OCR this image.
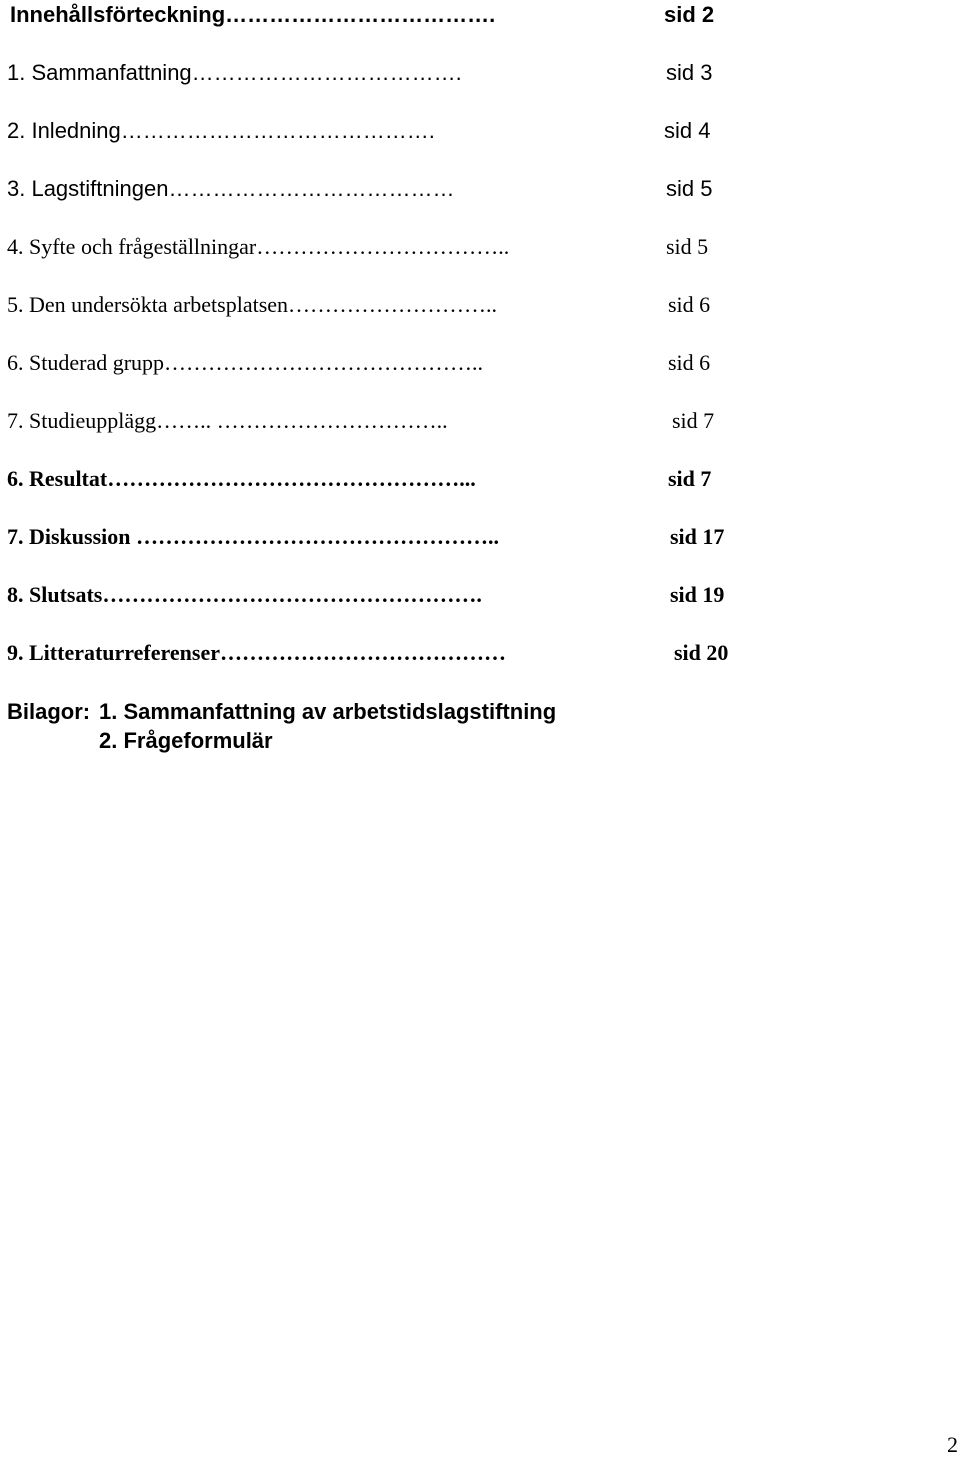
Innehållsförteckning……………………………….	sid 2
1. Sammanfattning……………………………….	sid 3
2. Inledning…………………………………….	sid 4
3. Lagstiftningen…………………………………	sid 5
4. Syfte och frågeställningar……………………………..	sid 5
5. Den undersökta arbetsplatsen………………………..	sid 6
6. Studerad grupp……………………………………..	sid 6
7. Studieupplägg…….. …………………………..	sid 7
6. Resultat…………………………………………...	sid 7
7. Diskussion …………………………………………..	sid 17
8. Slutsats…………………………………………….	sid 19
9. Litteraturreferenser…………………………………	sid 20
Bilagor: 1. Sammanfattning av arbetstidslagstiftning
2. Frågeformulär
2
